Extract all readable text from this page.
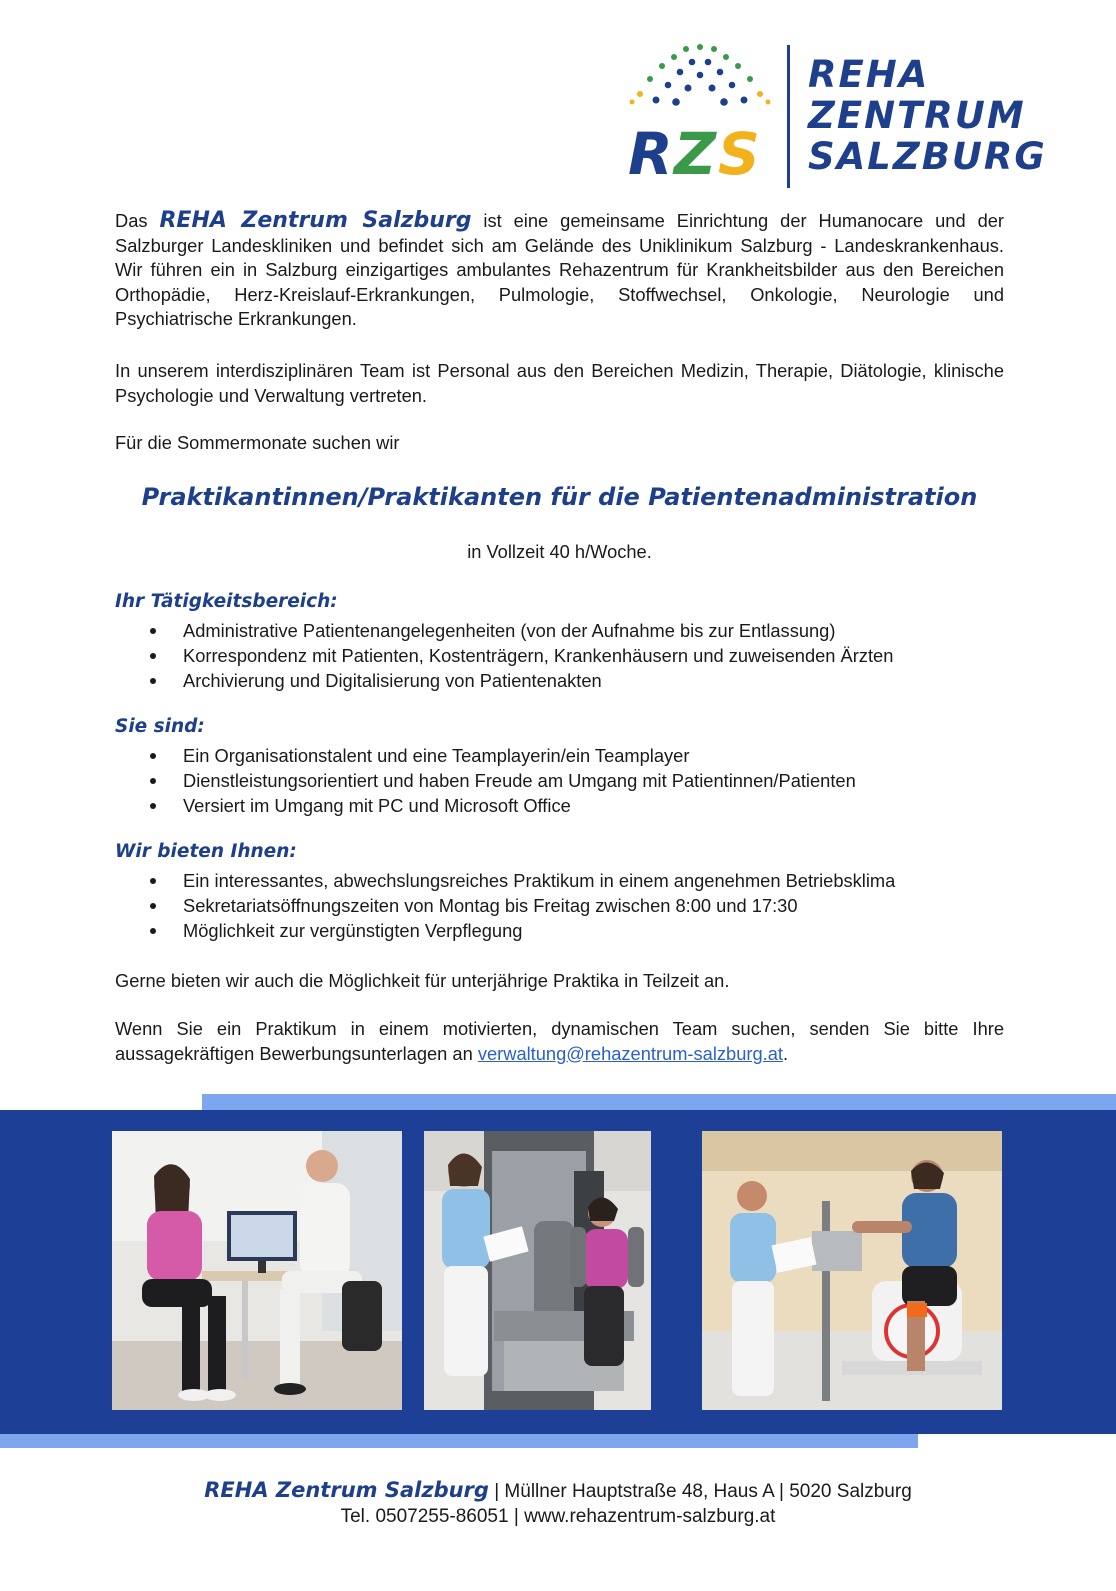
R Z S
REHA
ZENTRUM
SALZBURG
Das REHA Zentrum Salzburg ist eine gemeinsame Einrichtung der Humanocare und der Salzburger Landeskliniken und befindet sich am Gelände des Uniklinikum Salzburg - Landeskrankenhaus. Wir führen ein in Salzburg einzigartiges ambulantes Rehazentrum für Krankheitsbilder aus den Bereichen Orthopädie, Herz-Kreislauf-Erkrankungen, Pulmologie, Stoffwechsel, Onkologie, Neurologie und Psychiatrische Erkrankungen.
In unserem interdisziplinären Team ist Personal aus den Bereichen Medizin, Therapie, Diätologie, klinische Psychologie und Verwaltung vertreten.
Für die Sommermonate suchen wir
Praktikantinnen/Praktikanten für die Patientenadministration
in Vollzeit 40 h/Woche.
Ihr Tätigkeitsbereich:
Administrative Patientenangelegenheiten (von der Aufnahme bis zur Entlassung)
Korrespondenz mit Patienten, Kostenträgern, Krankenhäusern und zuweisenden Ärzten
Archivierung und Digitalisierung von Patientenakten
Sie sind:
Ein Organisationstalent und eine Teamplayerin/ein Teamplayer
Dienstleistungsorientiert und haben Freude am Umgang mit Patientinnen/Patienten
Versiert im Umgang mit PC und Microsoft Office
Wir bieten Ihnen:
Ein interessantes, abwechslungsreiches Praktikum in einem angenehmen Betriebsklima
Sekretariatsöffnungszeiten von Montag bis Freitag zwischen 8:00 und 17:30
Möglichkeit zur vergünstigten Verpflegung
Gerne bieten wir auch die Möglichkeit für unterjährige Praktika in Teilzeit an.
Wenn Sie ein Praktikum in einem motivierten, dynamischen Team suchen, senden Sie bitte Ihre aussagekräftigen Bewerbungsunterlagen an verwaltung@rehazentrum-salzburg.at.
REHA Zentrum Salzburg | Müllner Hauptstraße 48, Haus A | 5020 Salzburg
Tel. 0507255-86051 | www.rehazentrum-salzburg.at
